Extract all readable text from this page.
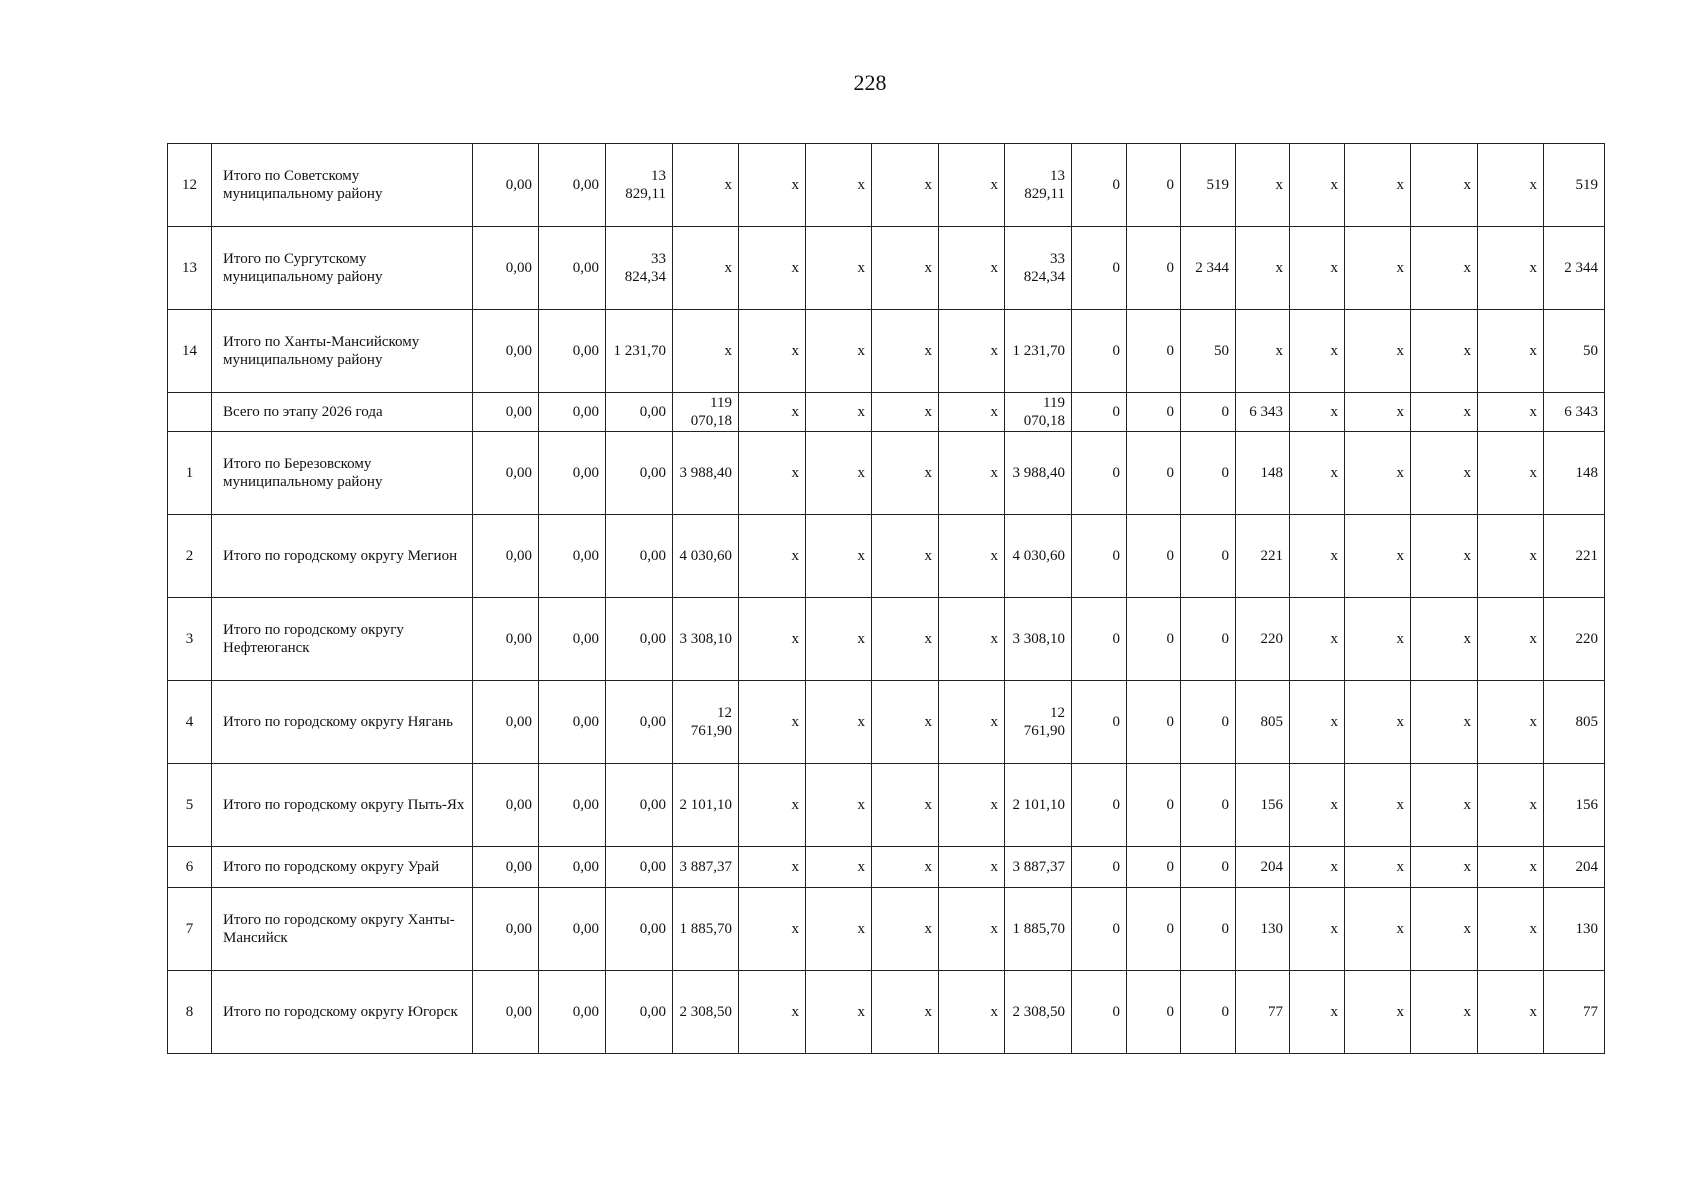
228
12	Итого по Советскому муниципальному району	0,00	0,00	13 829,11	x	x	x	x	x	13 829,11	0	0	519	x	x	x	x	x	519
13	Итого по Сургутскому муниципальному району	0,00	0,00	33 824,34	x	x	x	x	x	33 824,34	0	0	2 344	x	x	x	x	x	2 344
14	Итого по Ханты-Мансийскому муниципальному району	0,00	0,00	1 231,70	x	x	x	x	x	1 231,70	0	0	50	x	x	x	x	x	50
	Всего по этапу 2026 года	0,00	0,00	0,00	119 070,18	x	x	x	x	119 070,18	0	0	0	6 343	x	x	x	x	6 343
1	Итого по Березовскому муниципальному району	0,00	0,00	0,00	3 988,40	x	x	x	x	3 988,40	0	0	0	148	x	x	x	x	148
2	Итого по городскому округу Мегион	0,00	0,00	0,00	4 030,60	x	x	x	x	4 030,60	0	0	0	221	x	x	x	x	221
3	Итого по городскому округу Нефтеюганск	0,00	0,00	0,00	3 308,10	x	x	x	x	3 308,10	0	0	0	220	x	x	x	x	220
4	Итого по городскому округу Нягань	0,00	0,00	0,00	12 761,90	x	x	x	x	12 761,90	0	0	0	805	x	x	x	x	805
5	Итого по городскому округу Пыть-Ях	0,00	0,00	0,00	2 101,10	x	x	x	x	2 101,10	0	0	0	156	x	x	x	x	156
6	Итого по городскому округу Урай	0,00	0,00	0,00	3 887,37	x	x	x	x	3 887,37	0	0	0	204	x	x	x	x	204
7	Итого по городскому округу Ханты-Мансийск	0,00	0,00	0,00	1 885,70	x	x	x	x	1 885,70	0	0	0	130	x	x	x	x	130
8	Итого по городскому округу Югорск	0,00	0,00	0,00	2 308,50	x	x	x	x	2 308,50	0	0	0	77	x	x	x	x	77
